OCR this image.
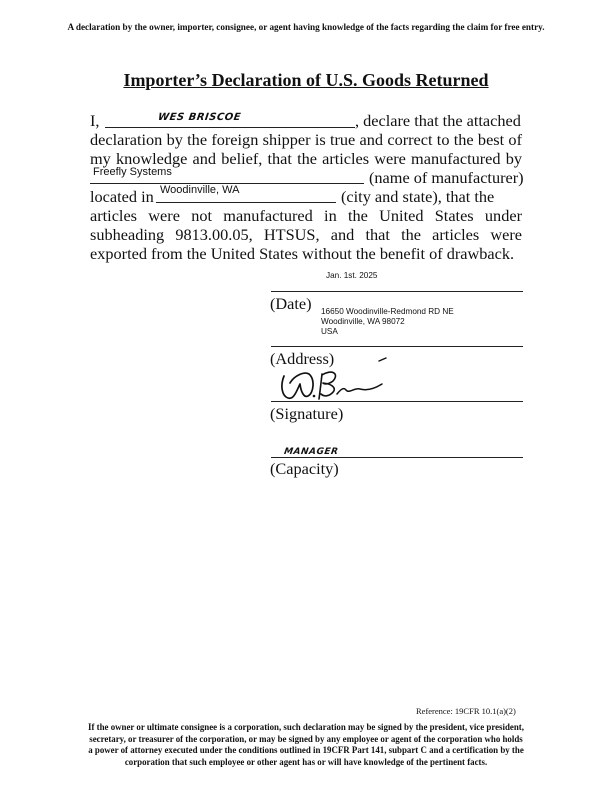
A declaration by the owner, importer, consignee, or agent having knowledge of the facts regarding the claim for free entry.
Importer’s Declaration of U.S. Goods Returned
I,	WES BRISCOE	, declare that the attached
declaration by the foreign shipper is true and correct to the best of
my knowledge and belief, that the articles were manufactured by
Freefly Systems	(name of manufacturer)
located in Woodinville, WA	(city and state), that the
articles were not manufactured in the United States under
subheading 9813.00.05, HTSUS, and that the articles were
exported from the United States without the benefit of drawback.
Jan. 1st. 2025
(Date) 16650 Woodinville-Redmond RD NE
Woodinville, WA 98072
USA
(Address)
(Signature)
MANAGER
(Capacity)
Reference: 19CFR 10.1(a)(2)
If the owner or ultimate consignee is a corporation, such declaration may be signed by the president, vice president,
secretary, or treasurer of the corporation, or may be signed by any employee or agent of the corporation who holds
a power of attorney executed under the conditions outlined in 19CFR Part 141, subpart C and a certification by the
corporation that such employee or other agent has or will have knowledge of the pertinent facts.
